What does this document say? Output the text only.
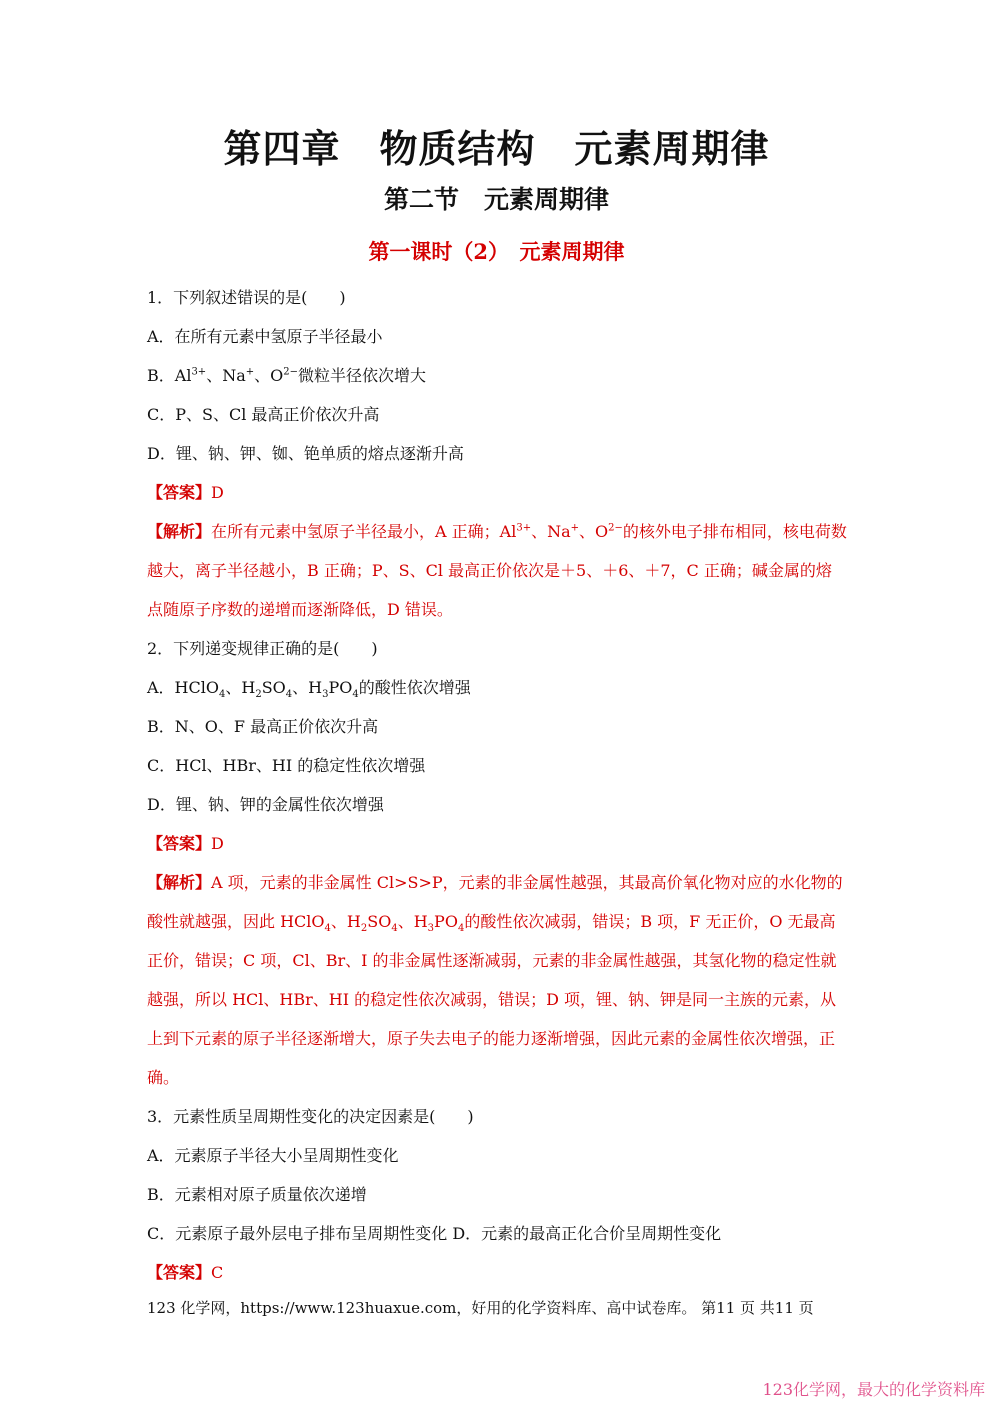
第四章　物质结构　元素周期律
第二节　元素周期律
第一课时（2）　元素周期律
1．下列叙述错误的是(　　)
A．在所有元素中氢原子半径最小
B．$Al^{3+}$、Na+、$O^{2-}$微粒半径依次增大
C．P、S、Cl 最高正价依次升高
D．锂、钠、钾、铷、铯单质的熔点逐渐升高
【答案】D
【解析】在所有元素中氢原子半径最小，A 正确；$Al^{3+}$、Na+、$O^{2-}$的核外电子排布相同，核电荷数越大，离子半径越小，B 正确；P、S、Cl 最高正价依次是＋5、＋6、＋7，C 正确；碱金属的熔点随原子序数的递增而逐渐降低，D 错误。
2．下列递变规律正确的是(　　)
A．HClO$_4$、$H_2SO_4$、$H_3PO_4$的酸性依次增强
B．N、O、F 最高正价依次升高
C．HCl、HBr、HI 的稳定性依次增强
D．锂、钠、钾的金属性依次增强
【答案】D
【解析】A 项，元素的非金属性 Cl>S>P，元素的非金属性越强，其最高价氧化物对应的水化物的酸性就越强，因此 HClO$_4$、$H_2SO_4$、$H_3PO_4$的酸性依次减弱，错误；B 项，F 无正价，O 无最高正价，错误；C 项，Cl、Br、I 的非金属性逐渐减弱，元素的非金属性越强，其氢化物的稳定性就越强，所以 HCl、HBr、HI 的稳定性依次减弱，错误；D 项，锂、钠、钾是同一主族的元素，从上到下元素的原子半径逐渐增大，原子失去电子的能力逐渐增强，因此元素的金属性依次增强，正确。
3．元素性质呈周期性变化的决定因素是(　　)
A．元素原子半径大小呈周期性变化
B．元素相对原子质量依次递增
C．元素原子最外层电子排布呈周期性变化 D．元素的最高正化合价呈周期性变化
【答案】C
123 化学网，https://www.123huaxue.com，好用的化学资料库、高中试卷库。 第11 页 共11 页
123化学网，最大的化学资料库
